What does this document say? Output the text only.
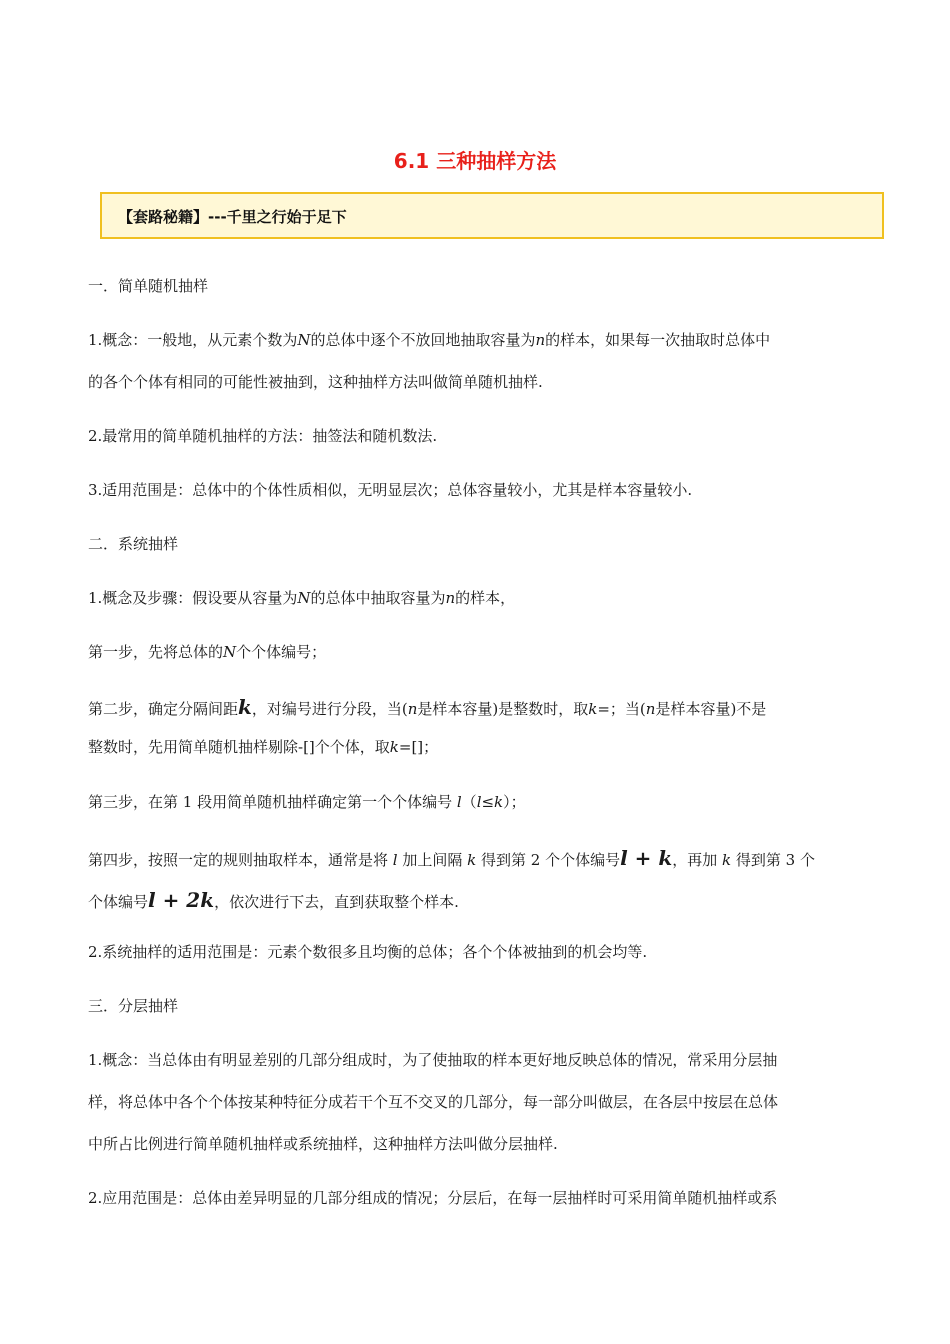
6.1 三种抽样方法
【套路秘籍】---千里之行始于足下
一．简单随机抽样
1.概念：一般地，从元素个数为N的总体中逐个不放回地抽取容量为n的样本，如果每一次抽取时总体中
的各个个体有相同的可能性被抽到，这种抽样方法叫做简单随机抽样.
2.最常用的简单随机抽样的方法：抽签法和随机数法.
3.适用范围是：总体中的个体性质相似，无明显层次；总体容量较小，尤其是样本容量较小.
二．系统抽样
1.概念及步骤：假设要从容量为N的总体中抽取容量为n的样本，
第一步，先将总体的N个个体编号；
第二步，确定分隔间距k，对编号进行分段，当(n是样本容量)是整数时，取k=；当(n是样本容量)不是
整数时，先用简单随机抽样剔除-[]个个体，取k=[]；
第三步，在第 1 段用简单随机抽样确定第一个个体编号 l（l≤k）；
第四步，按照一定的规则抽取样本，通常是将 l 加上间隔 k 得到第 2 个个体编号l + k，再加 k 得到第 3 个
个体编号l + 2k，依次进行下去，直到获取整个样本.
2.系统抽样的适用范围是：元素个数很多且均衡的总体；各个个体被抽到的机会均等.
三．分层抽样
1.概念：当总体由有明显差别的几部分组成时，为了使抽取的样本更好地反映总体的情况，常采用分层抽
样，将总体中各个个体按某种特征分成若干个互不交叉的几部分，每一部分叫做层，在各层中按层在总体
中所占比例进行简单随机抽样或系统抽样，这种抽样方法叫做分层抽样.
2.应用范围是：总体由差异明显的几部分组成的情况；分层后，在每一层抽样时可采用简单随机抽样或系
